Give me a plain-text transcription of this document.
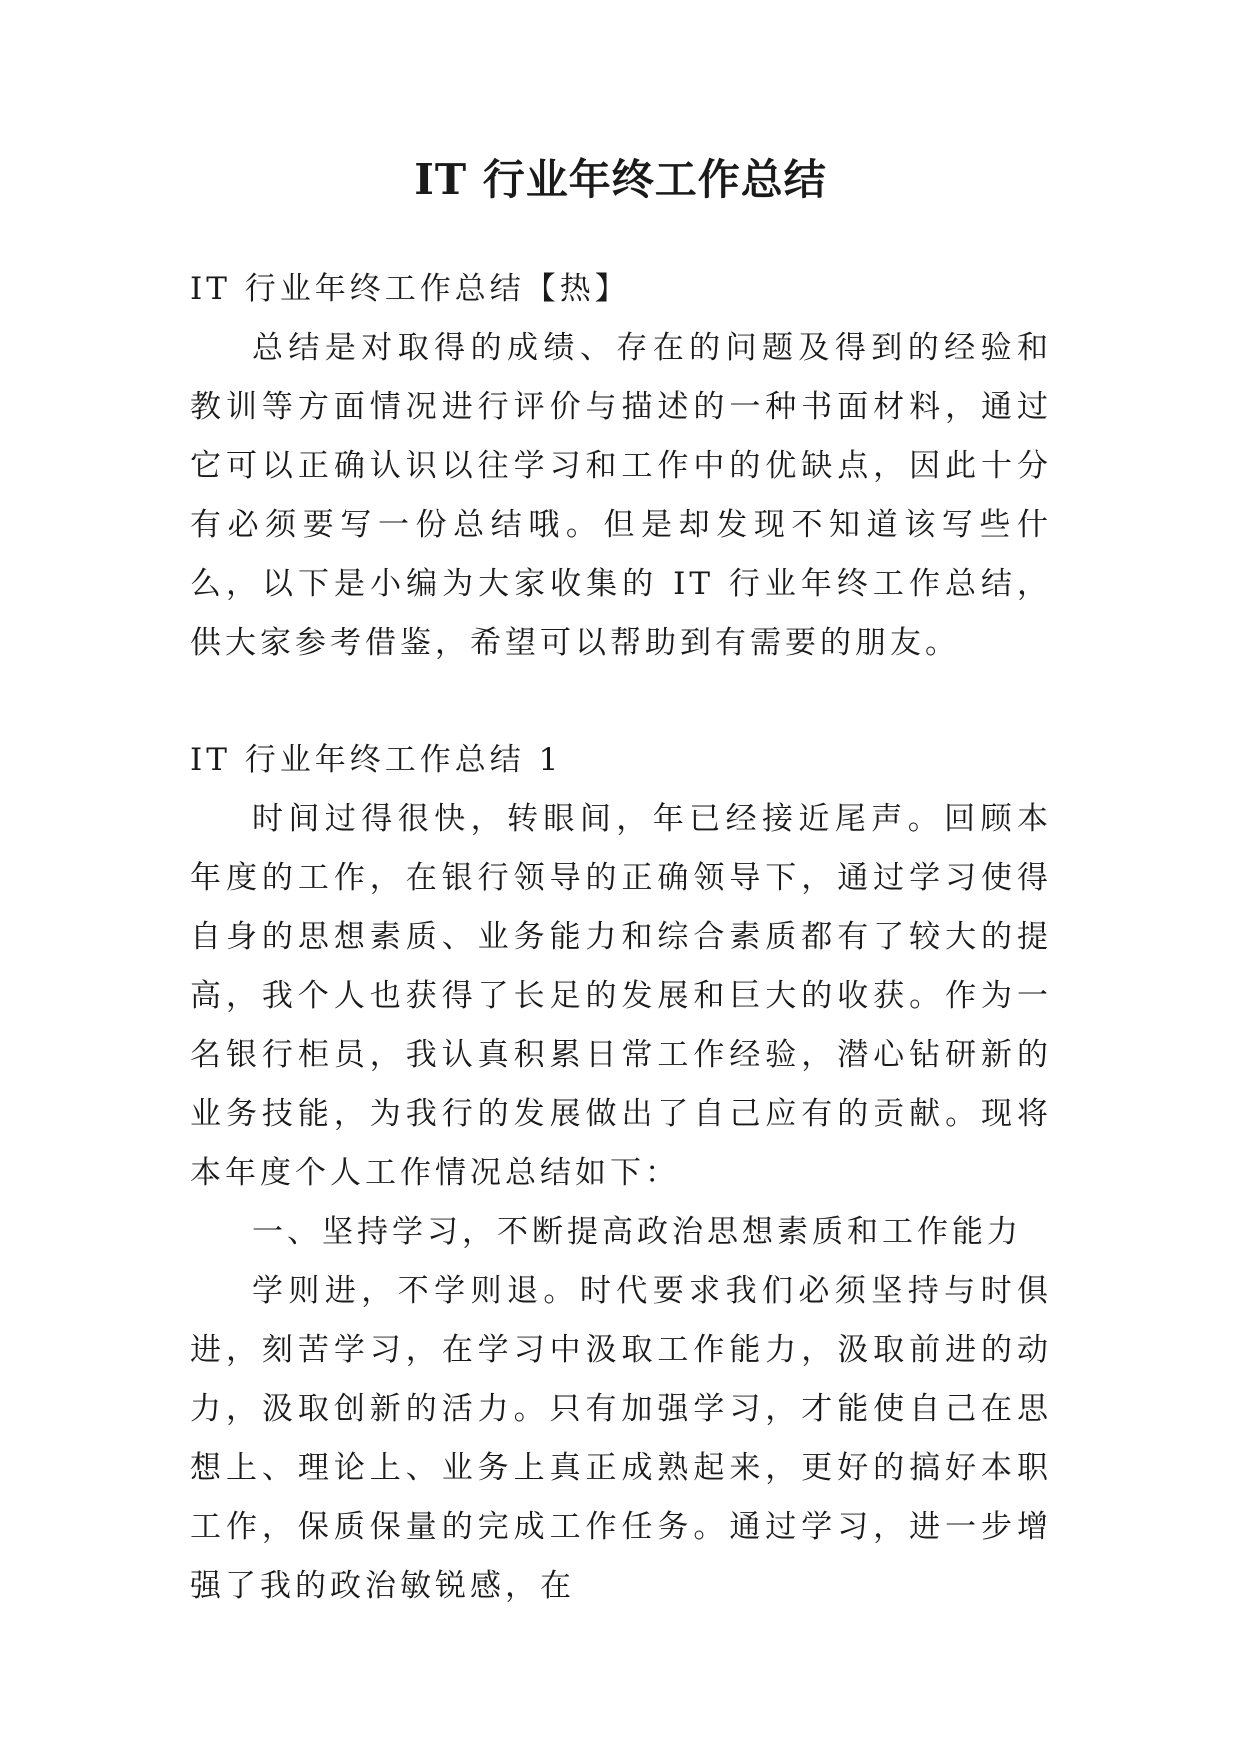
IT 行业年终工作总结

IT 行业年终工作总结【热】

总结是对取得的成绩、存在的问题及得到的经验和教训等方面情况进行评价与描述的一种书面材料，通过它可以正确认识以往学习和工作中的优缺点，因此十分有必须要写一份总结哦。但是却发现不知道该写些什么，以下是小编为大家收集的 IT 行业年终工作总结，供大家参考借鉴，希望可以帮助到有需要的朋友。

IT 行业年终工作总结 1

时间过得很快，转眼间，年已经接近尾声。回顾本年度的工作，在银行领导的正确领导下，通过学习使得自身的思想素质、业务能力和综合素质都有了较大的提高，我个人也获得了长足的发展和巨大的收获。作为一名银行柜员，我认真积累日常工作经验，潜心钻研新的业务技能，为我行的发展做出了自己应有的贡献。现将本年度个人工作情况总结如下：

一、坚持学习，不断提高政治思想素质和工作能力

学则进，不学则退。时代要求我们必须坚持与时俱进，刻苦学习，在学习中汲取工作能力，汲取前进的动力，汲取创新的活力。只有加强学习，才能使自己在思想上、理论上、业务上真正成熟起来，更好的搞好本职工作，保质保量的完成工作任务。通过学习，进一步增强了我的政治敏锐感，在
